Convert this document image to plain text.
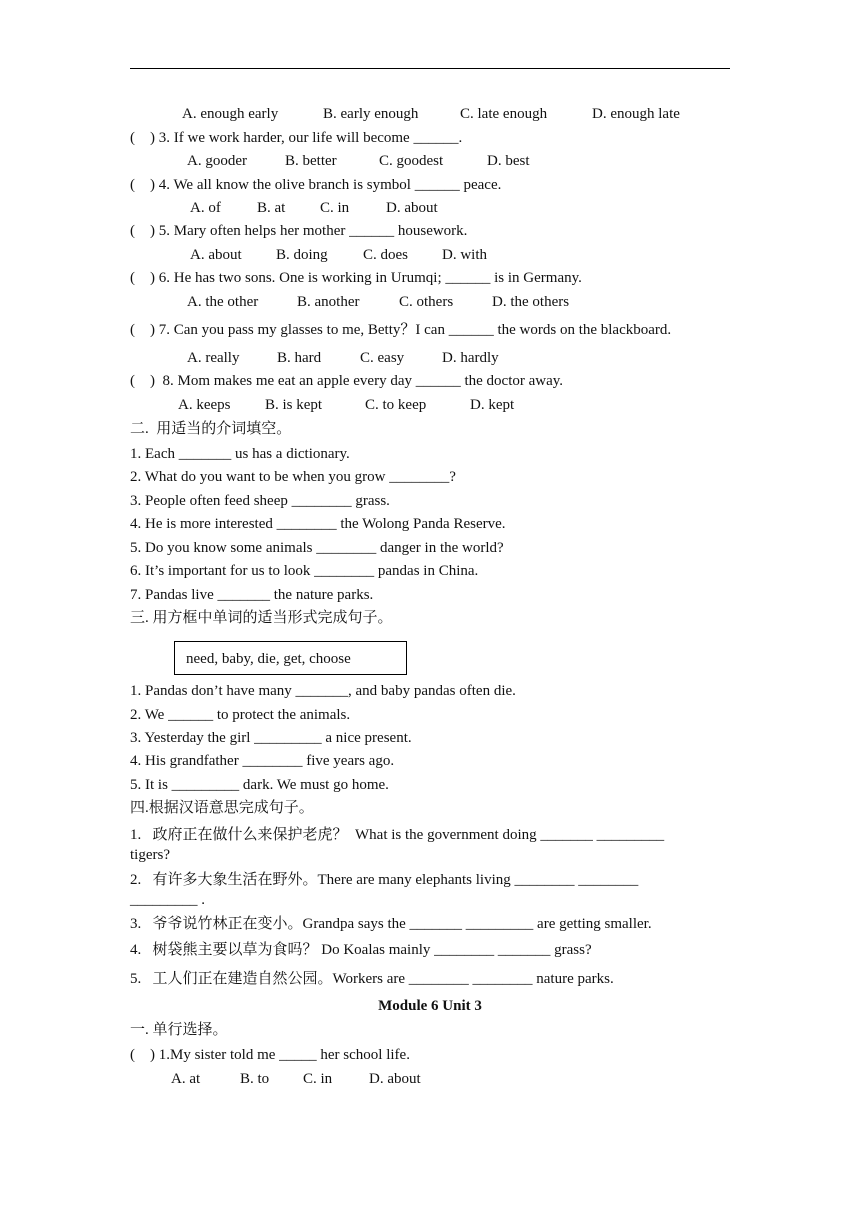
A. enough early	B. early enough	C. late enough	D. enough late
(    ) 3. If we work harder, our life will become ______.
A. gooder	B. better	C. goodest	D. best
(    ) 4. We all know the olive branch is symbol ______ peace.
A. of B. at C. in D. about
(    ) 5. Mary often helps her mother ______ housework.
A. about B. doing C. does D. with
(    ) 6. He has two sons. One is working in Urumqi; ______ is in Germany.
A. the other	B. another	C. others	D. the others
(    ) 7. Can you pass my glasses to me, Betty？I can ______ the words on the blackboard.
A. really	B. hard	C. easy	D. hardly
(    )  8. Mom makes me eat an apple every day ______ the doctor away.
A. keeps B. is kept	C. to keep	D. kept
二.  用适当的介词填空。
1. Each _______ us has a dictionary.
2. What do you want to be when you grow ________?
3. People often feed sheep ________ grass.
4. He is more interested ________ the Wolong Panda Reserve.
5. Do you know some animals ________ danger in the world?
6. It’s important for us to look ________ pandas in China.
7. Pandas live _______ the nature parks.
三. 用方框中单词的适当形式完成句子。
need, baby, die, get, choose
1. Pandas don’t have many _______, and baby pandas often die.
2. We ______ to protect the animals.
3. Yesterday the girl _________ a nice present.
4. His grandfather ________ five years ago.
5. It is _________ dark. We must go home.
四.根据汉语意思完成句子。
1.   政府正在做什么来保护老虎？  What is the government doing _______ _________
tigers?
2.   有许多大象生活在野外。There are many elephants living ________ ________
_________ .
3.   爷爷说竹林正在变小。Grandpa says the _______ _________ are getting smaller.
4.   树袋熊主要以草为食吗？ Do Koalas mainly ________ _______ grass?
5.   工人们正在建造自然公园。Workers are ________ ________ nature parks.
Module 6 Unit 3
一. 单行选择。
(    ) 1.My sister told me _____ her school life.
A. at	B. to C. in D. about
